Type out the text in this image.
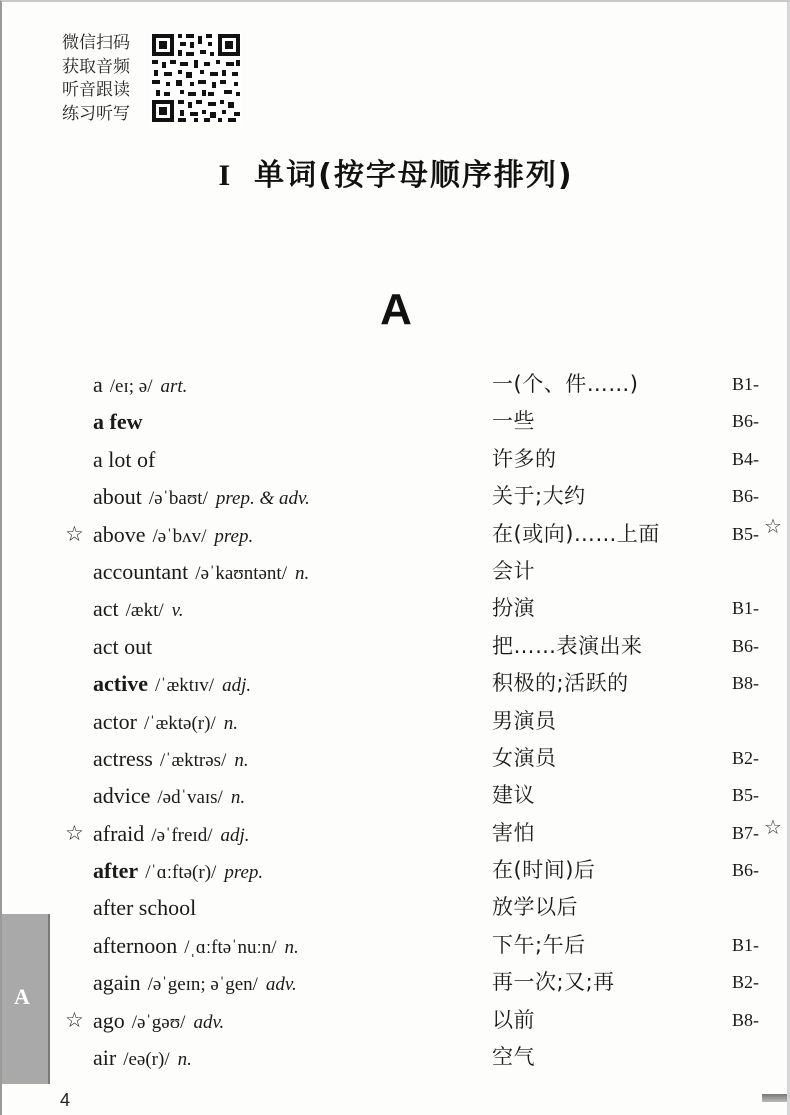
微信扫码
获取音频
听音跟读
练习听写
I 单词(按字母顺序排列)
A
a /eɪ; ə/ art.	一(个、件……)	B1-
a few	一些	B6-
a lot of	许多的	B4-
about /əˈbaʊt/ prep. & adv.	关于;大约	B6-
☆ above /əˈbʌv/ prep.	在(或向)……上面	B5-
accountant /əˈkaʊntənt/ n.	会计
act /ækt/ v.	扮演	B1-
act out	把……表演出来	B6-
active /ˈæktɪv/ adj.	积极的;活跃的	B8-
actor /ˈæktə(r)/ n.	男演员
actress /ˈæktrəs/ n.	女演员	B2-
advice /ədˈvaɪs/ n.	建议	B5-
☆ afraid /əˈfreɪd/ adj.	害怕	B7-
after /ˈɑːftə(r)/ prep.	在(时间)后	B6-
after school	放学以后
afternoon /ˌɑːftəˈnuːn/ n.	下午;午后	B1-
again /əˈgeɪn; əˈgen/ adv.	再一次;又;再	B2-
☆ ago /əˈgəʊ/ adv.	以前	B8-
air /eə(r)/ n.	空气
☆
☆
A
4
